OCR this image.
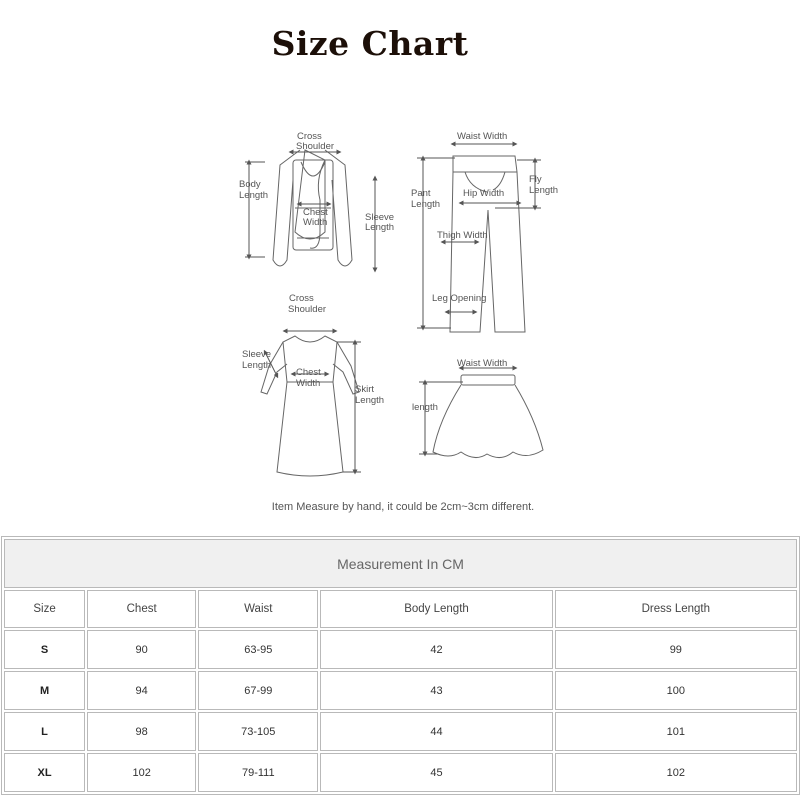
Size Chart
Cross
Shoulder
Body
Length
Chest
Width	Sleeve
Length
Waist Width
Fly
Length
Pant
Length
Hip Width
Thigh Width
Leg Opening
Cross
Shoulder
Sleeve
Length
Chest
Width
Skirt
Length
Waist Width
length
Item Measure by hand, it could be 2cm~3cm different.
Measurement In CM				
Size	Chest	Waist	Body Length	Dress Length
S	90	63-95	42	99
M	94	67-99	43	100
L	98	73-105	44	101
XL	102	79-111	45	102
